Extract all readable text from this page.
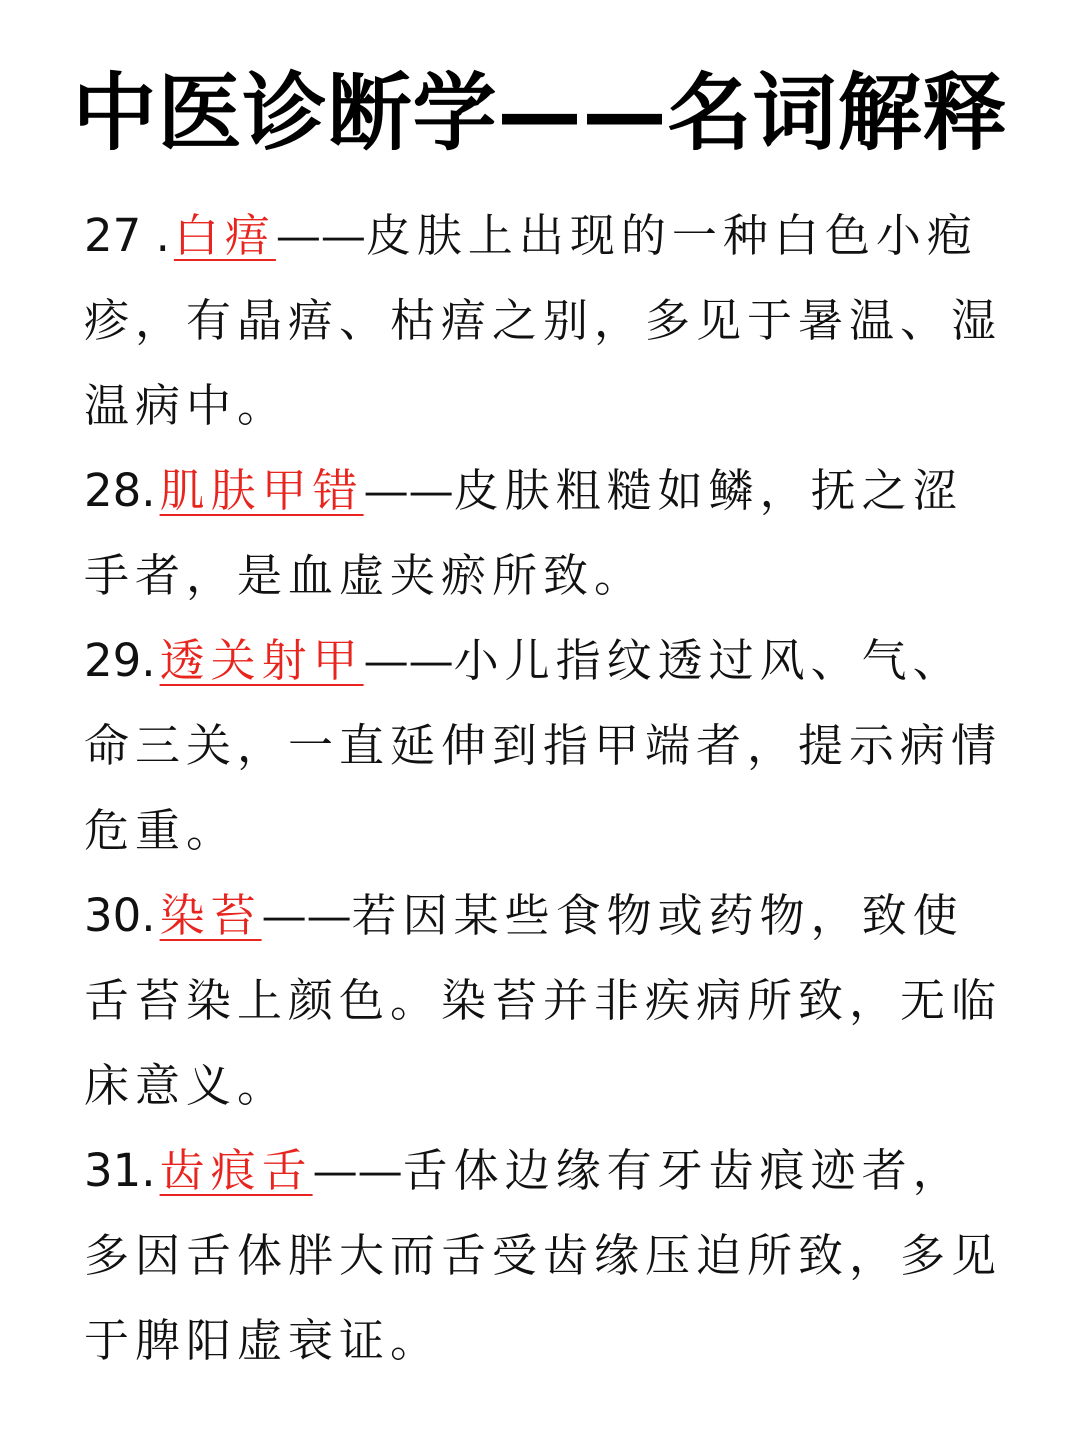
中医诊断学——名词解释

27 .白痦——皮肤上出现的一种白色小疱疹，有晶痦、枯痦之别，多见于暑温、湿温病中。

28.肌肤甲错——皮肤粗糙如鳞，抚之涩手者，是血虚夹瘀所致。

29.透关射甲——小儿指纹透过风、气、命三关，一直延伸到指甲端者，提示病情危重。

30.染苔——若因某些食物或药物，致使舌苔染上颜色。染苔并非疾病所致，无临床意义。

31.齿痕舌——舌体边缘有牙齿痕迹者，多因舌体胖大而舌受齿缘压迫所致，多见于脾阳虚衰证。
